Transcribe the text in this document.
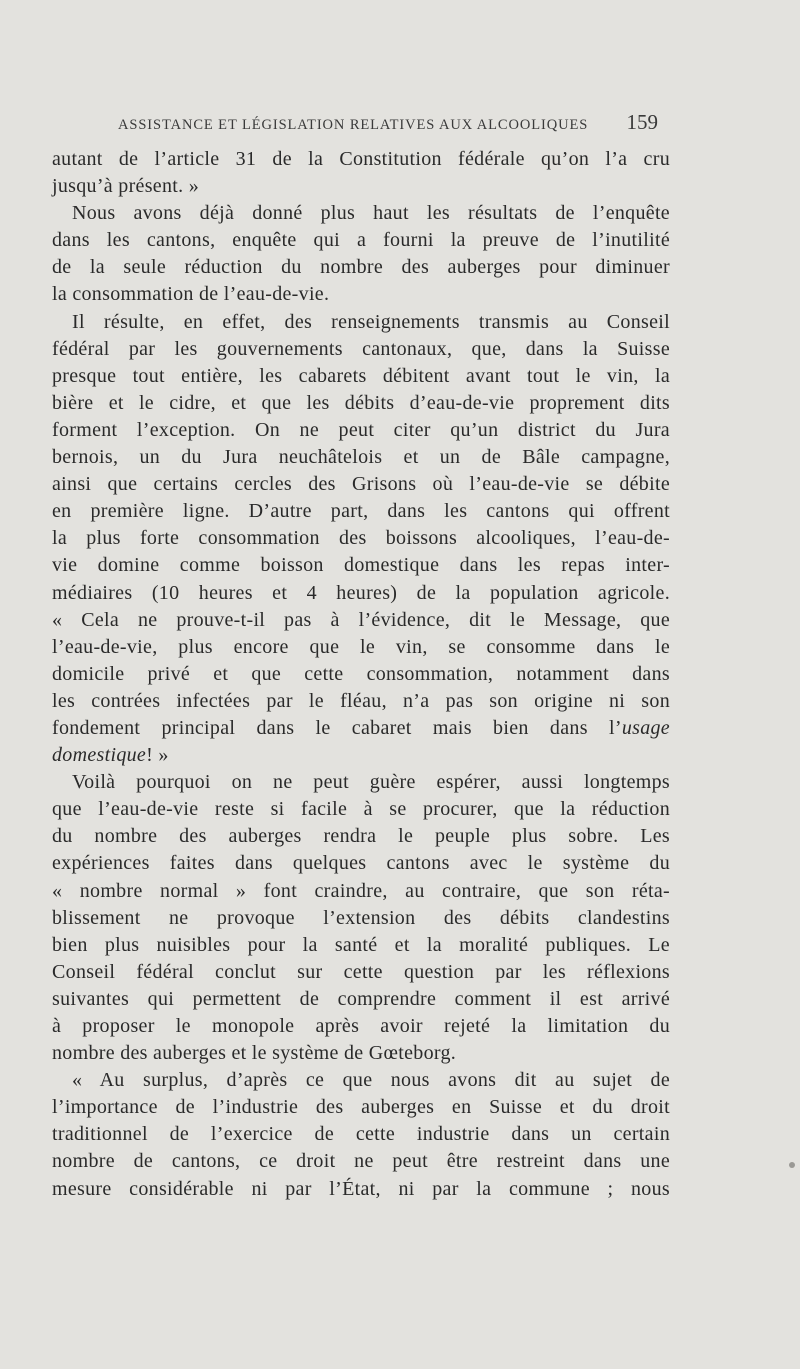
ASSISTANCE ET LÉGISLATION RELATIVES AUX ALCOOLIQUES 159

autant de l’article 31 de la Constitution fédérale qu’on l’a cru

jusqu’à présent. »

Nous avons déjà donné plus haut les résultats de l’enquête

dans les cantons, enquête qui a fourni la preuve de l’inutilité

de la seule réduction du nombre des auberges pour diminuer

la consommation de l’eau-de-vie.

Il résulte, en effet, des renseignements transmis au Conseil

fédéral par les gouvernements cantonaux, que, dans la Suisse

presque tout entière, les cabarets débitent avant tout le vin, la

bière et le cidre, et que les débits d’eau-de-vie proprement dits

forment l’exception. On ne peut citer qu’un district du Jura

bernois, un du Jura neuchâtelois et un de Bâle campagne,

ainsi que certains cercles des Grisons où l’eau-de-vie se débite

en première ligne. D’autre part, dans les cantons qui offrent

la plus forte consommation des boissons alcooliques, l’eau-de-

vie domine comme boisson domestique dans les repas inter-

médiaires (10 heures et 4 heures) de la population agricole.

« Cela ne prouve-t-il pas à l’évidence, dit le Message, que

l’eau-de-vie, plus encore que le vin, se consomme dans le

domicile privé et que cette consommation, notamment dans

les contrées infectées par le fléau, n’a pas son origine ni son

fondement principal dans le cabaret mais bien dans l’usage

domestique! »

Voilà pourquoi on ne peut guère espérer, aussi longtemps

que l’eau-de-vie reste si facile à se procurer, que la réduction

du nombre des auberges rendra le peuple plus sobre. Les

expériences faites dans quelques cantons avec le système du

« nombre normal » font craindre, au contraire, que son réta-

blissement ne provoque l’extension des débits clandestins

bien plus nuisibles pour la santé et la moralité publiques. Le

Conseil fédéral conclut sur cette question par les réflexions

suivantes qui permettent de comprendre comment il est arrivé

à proposer le monopole après avoir rejeté la limitation du

nombre des auberges et le système de Gœteborg.

« Au surplus, d’après ce que nous avons dit au sujet de

l’importance de l’industrie des auberges en Suisse et du droit

traditionnel de l’exercice de cette industrie dans un certain

nombre de cantons, ce droit ne peut être restreint dans une

mesure considérable ni par l’État, ni par la commune ; nous
